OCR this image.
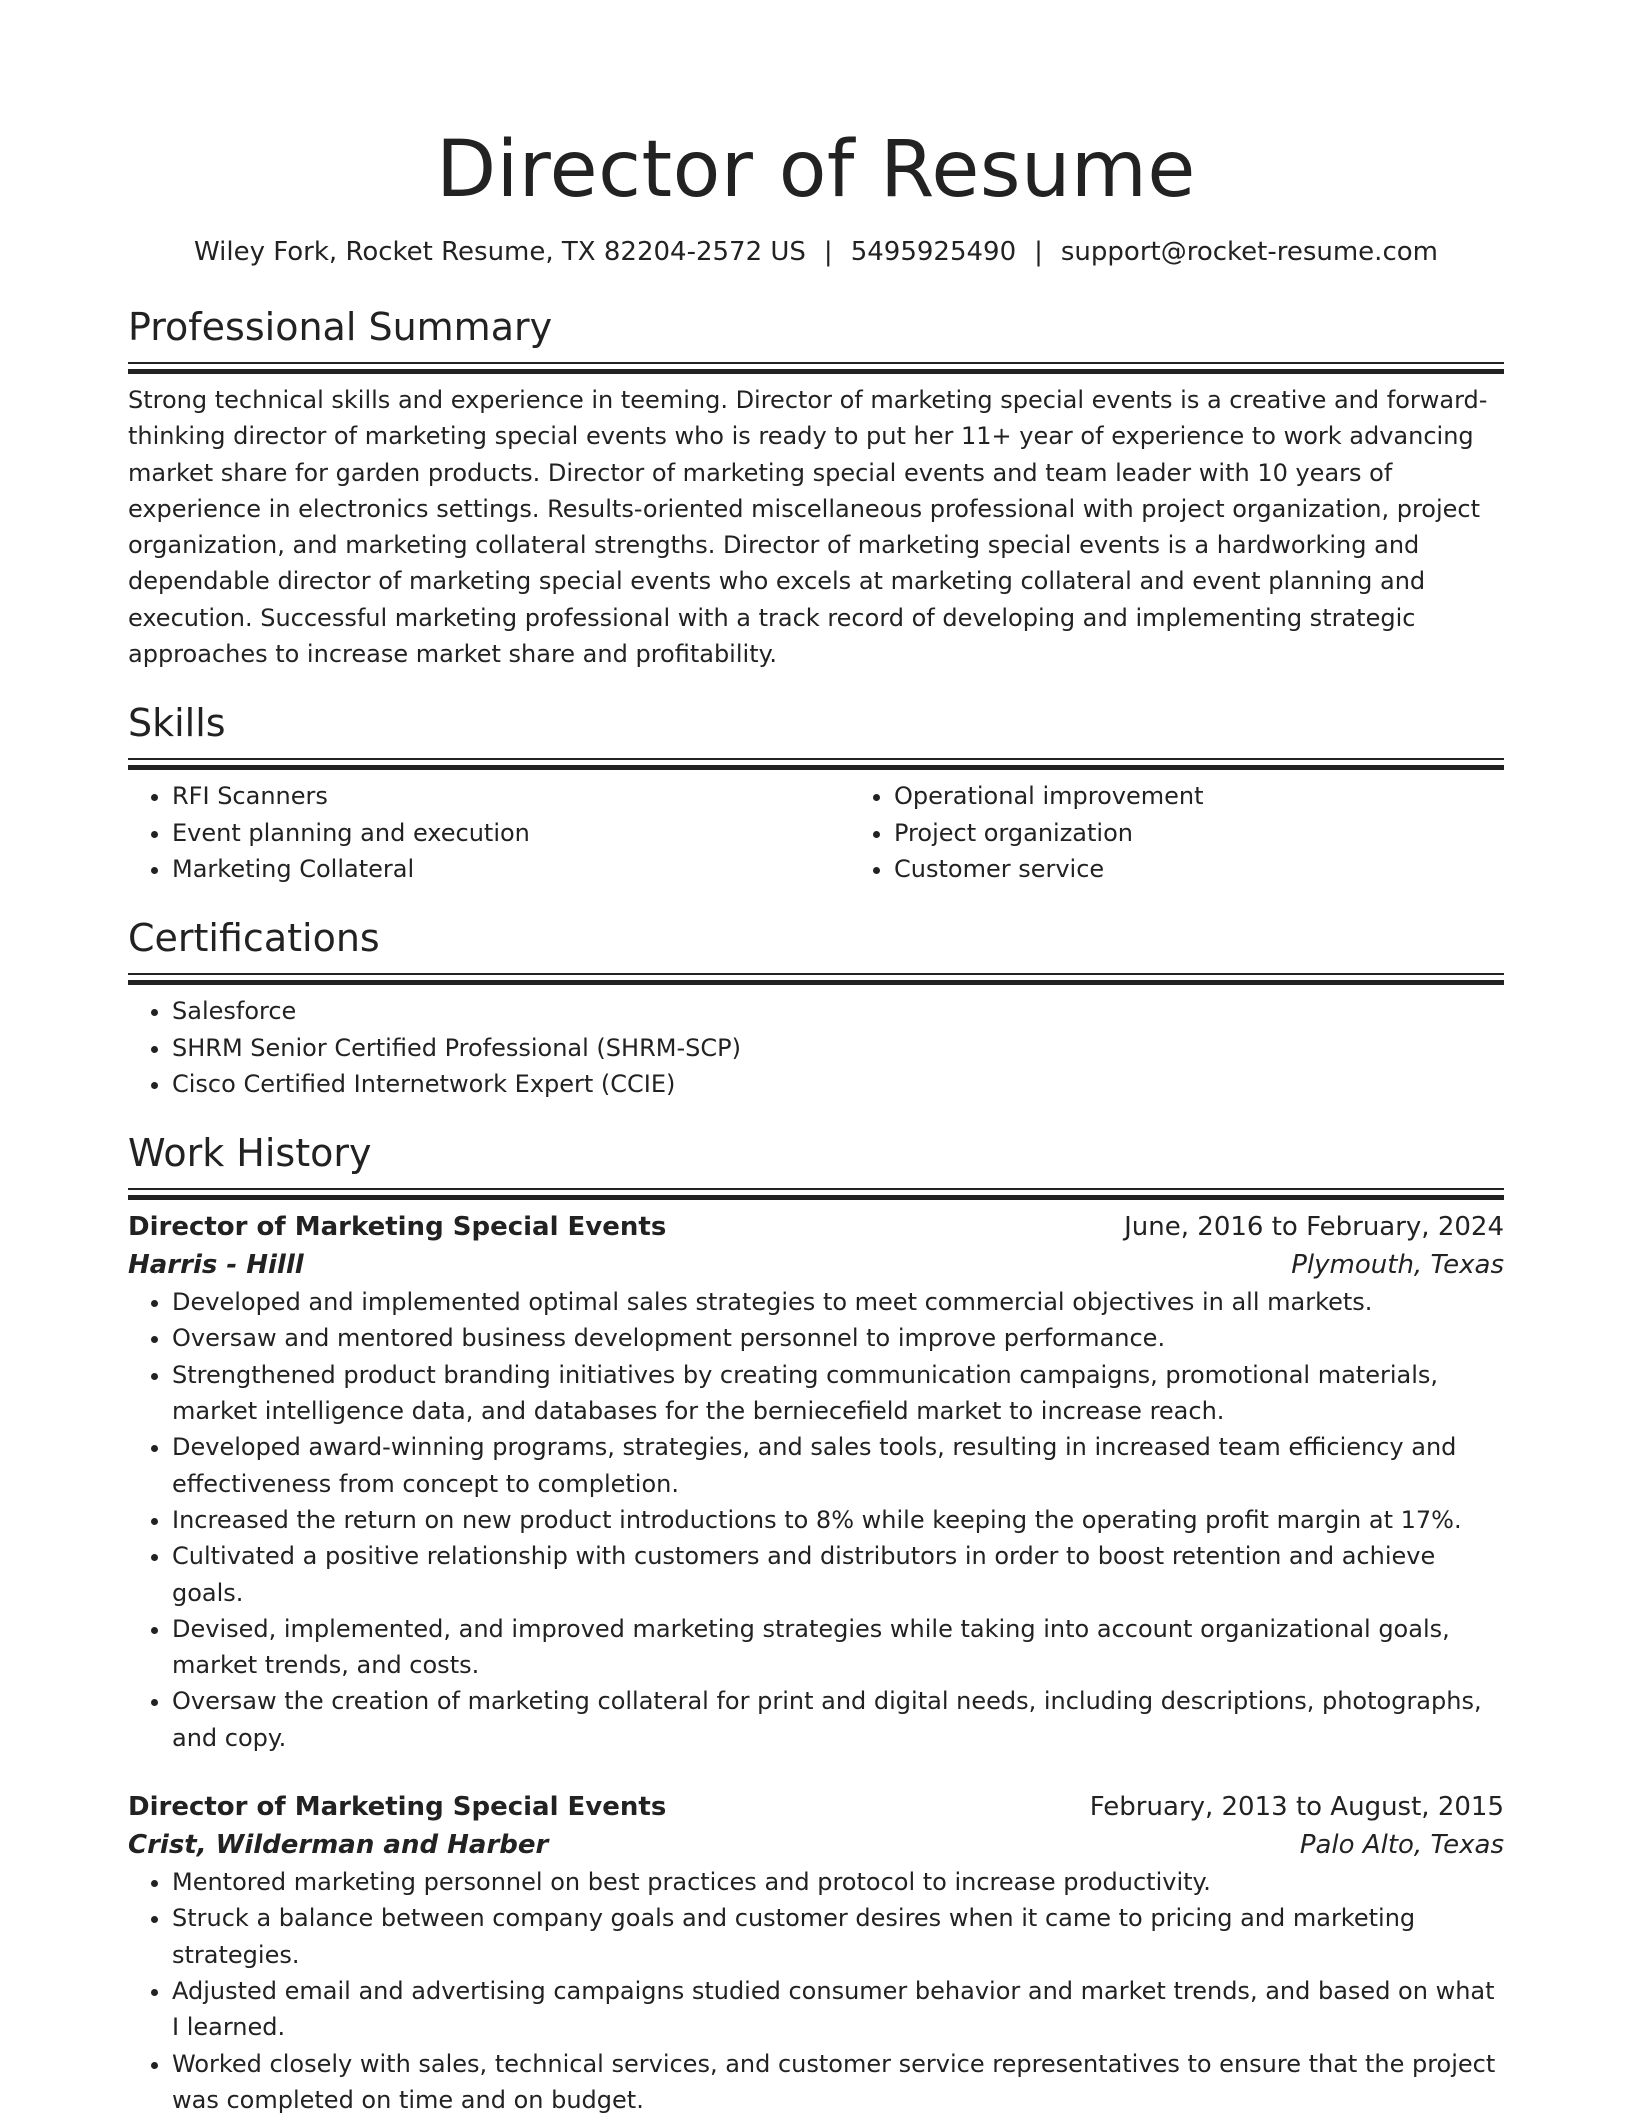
Director of Resume
Wiley Fork, Rocket Resume, TX 82204-2572 US | 5495925490 | support@rocket-resume.com
Professional Summary

Strong technical skills and experience in teeming. Director of marketing special events is a creative and forward-thinking director of marketing special events who is ready to put her 11+ year of experience to work advancing market share for garden products. Director of marketing special events and team leader with 10 years of experience in electronics settings. Results-oriented miscellaneous professional with project organization, project organization, and marketing collateral strengths. Director of marketing special events is a hardworking and dependable director of marketing special events who excels at marketing collateral and event planning and execution. Successful marketing professional with a track record of developing and implementing strategic approaches to increase market share and profitability.

Skills
• RFI Scanners
• Event planning and execution
• Marketing Collateral
• Operational improvement
• Project organization
• Customer service
Certifications
• Salesforce
• SHRM Senior Certified Professional (SHRM-SCP)
• Cisco Certified Internetwork Expert (CCIE)
Work History
Director of Marketing Special Events	June, 2016 to February, 2024
Harris - Hilll	Plymouth, Texas
• Developed and implemented optimal sales strategies to meet commercial objectives in all markets.
• Oversaw and mentored business development personnel to improve performance.
• Strengthened product branding initiatives by creating communication campaigns, promotional materials, market intelligence data, and databases for the berniecefield market to increase reach.
• Developed award-winning programs, strategies, and sales tools, resulting in increased team efficiency and effectiveness from concept to completion.
• Increased the return on new product introductions to 8% while keeping the operating profit margin at 17%.
• Cultivated a positive relationship with customers and distributors in order to boost retention and achieve goals.
• Devised, implemented, and improved marketing strategies while taking into account organizational goals, market trends, and costs.
• Oversaw the creation of marketing collateral for print and digital needs, including descriptions, photographs, and copy.
Director of Marketing Special Events	February, 2013 to August, 2015
Crist, Wilderman and Harber	Palo Alto, Texas
• Mentored marketing personnel on best practices and protocol to increase productivity.
• Struck a balance between company goals and customer desires when it came to pricing and marketing strategies.
• Adjusted email and advertising campaigns studied consumer behavior and market trends, and based on what I learned.
• Worked closely with sales, technical services, and customer service representatives to ensure that the project was completed on time and on budget.
